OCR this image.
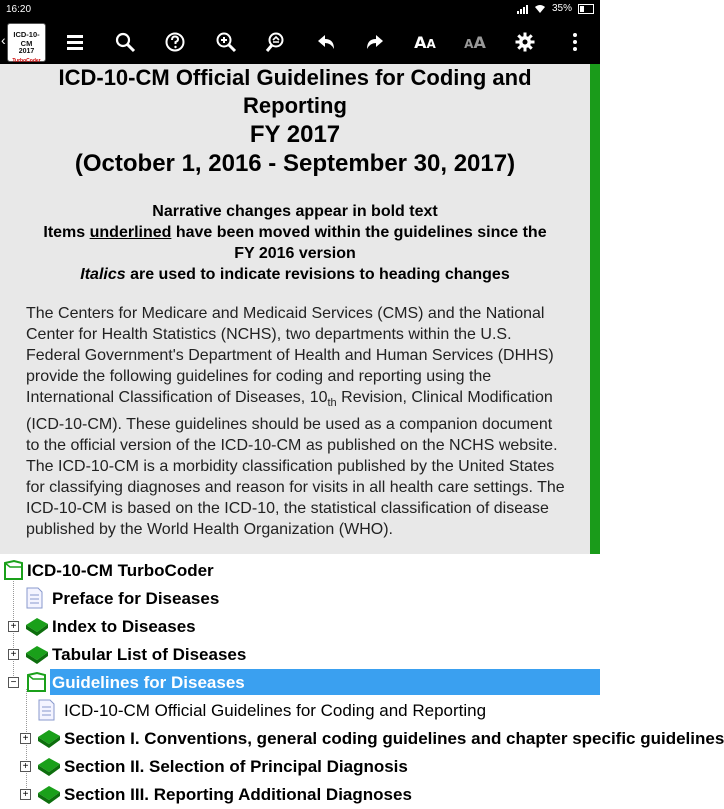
16:20	35%
‹	ICD-10-CM
2017
TurboCoder
AA AA
ICD-10-CM Official Guidelines for Coding and
Reporting
FY 2017
(October 1, 2016 - September 30, 2017)
Narrative changes appear in bold text
Items underlined have been moved within the guidelines since the
FY 2016 version
Italics are used to indicate revisions to heading changes
The Centers for Medicare and Medicaid Services (CMS) and the National Center for Health Statistics (NCHS), two departments within the U.S. Federal Government's Department of Health and Human Services (DHHS) provide the following guidelines for coding and reporting using the International Classification of Diseases, $10_{th}$ Revision, Clinical Modification (ICD-10-CM). These guidelines should be used as a companion document to the official version of the ICD-10-CM as published on the NCHS website. The ICD-10-CM is a morbidity classification published by the United States for classifying diagnoses and reason for visits in all health care settings. The ICD-10-CM is based on the ICD-10, the statistical classification of disease published by the World Health Organization (WHO).
ICD-10-CM TurboCoder
Preface for Diseases
+ Index to Diseases
+ Tabular List of Diseases
− Guidelines for Diseases
ICD-10-CM Official Guidelines for Coding and Reporting
+ Section I. Conventions, general coding guidelines and chapter specific guidelines
+ Section II. Selection of Principal Diagnosis
+ Section III. Reporting Additional Diagnoses
